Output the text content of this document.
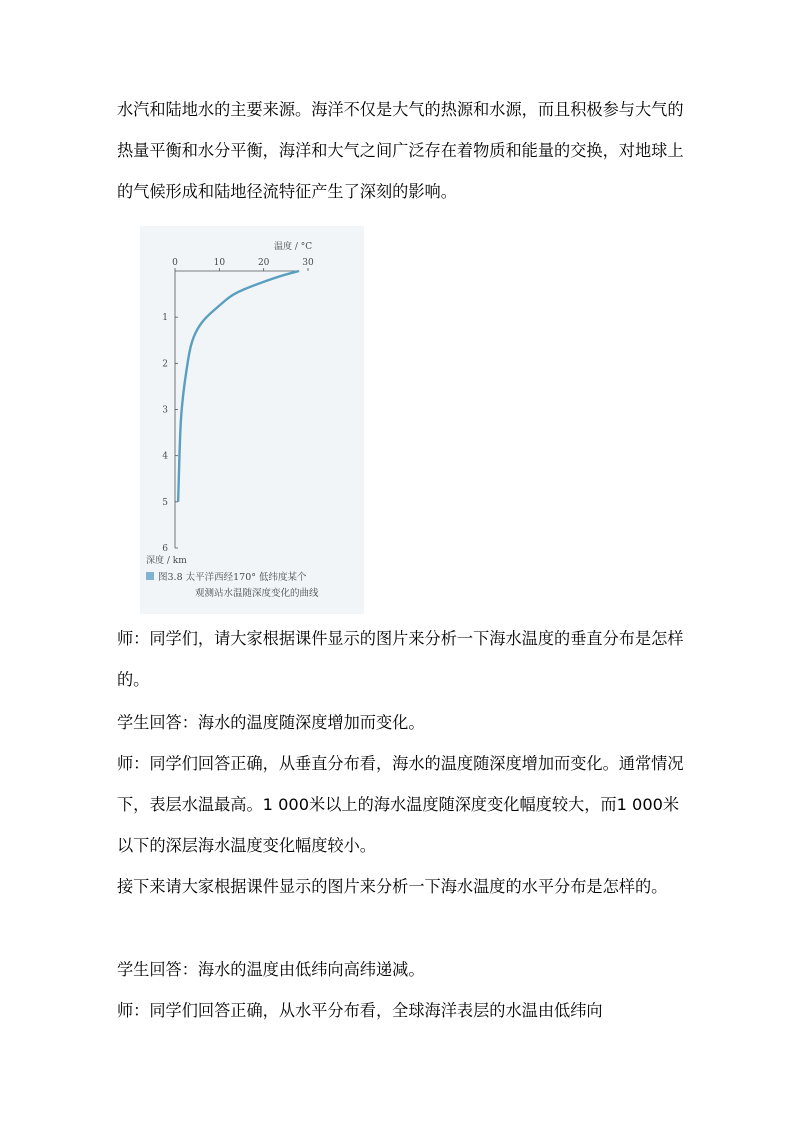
水汽和陆地水的主要来源。海洋不仅是大气的热源和水源，而且积极参与大气的热量平衡和水分平衡，海洋和大气之间广泛存在着物质和能量的交换，对地球上的气候形成和陆地径流特征产生了深刻的影响。

0	10	20	30
1
2
3
4
5
6
温度 / °C
深度 / km
图3.8 太平洋西经170° 低纬度某个
观测站水温随深度变化的曲线

师：同学们，请大家根据课件显示的图片来分析一下海水温度的垂直分布是怎样的。

学生回答：海水的温度随深度增加而变化。

师：同学们回答正确，从垂直分布看，海水的温度随深度增加而变化。通常情况下，表层水温最高。1 000米以上的海水温度随深度变化幅度较大，而1 000米以下的深层海水温度变化幅度较小。

接下来请大家根据课件显示的图片来分析一下海水温度的水平分布是怎样的。

学生回答：海水的温度由低纬向高纬递减。

师：同学们回答正确，从水平分布看，全球海洋表层的水温由低纬向
